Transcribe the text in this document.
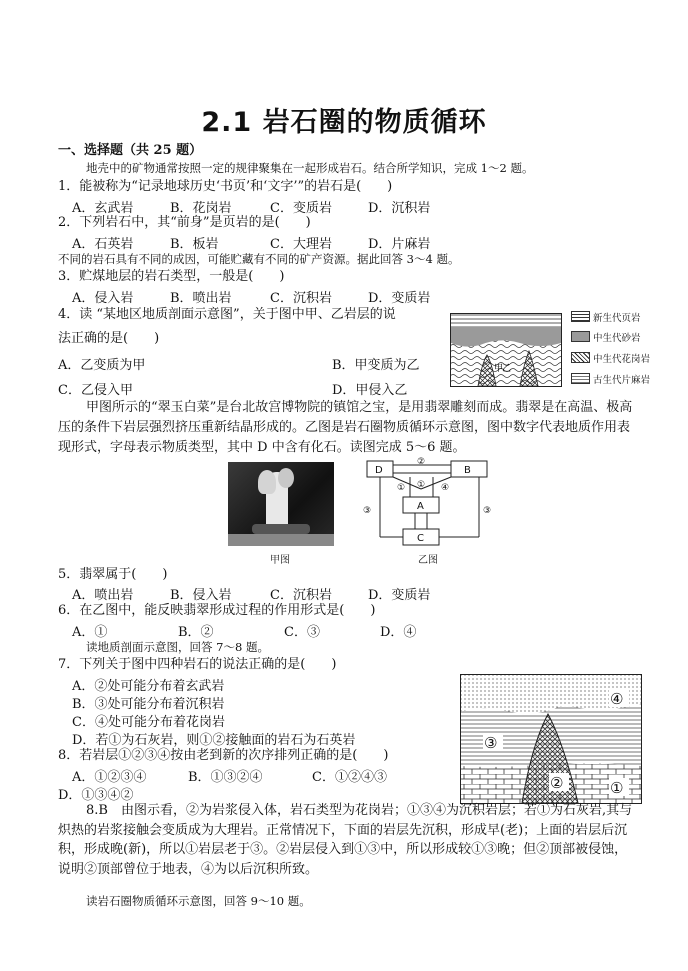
2.1 岩石圈的物质循环
一、选择题（共 25 题）
地壳中的矿物通常按照一定的规律聚集在一起形成岩石。结合所学知识，完成 1～2 题。
1．能被称为“记录地球历史‘书页’和‘文字’”的岩石是(　　)
A．玄武岩	B．花岗岩	C．变质岩	D．沉积岩
2．下列岩石中，其“前身”是页岩的是(　　)
A．石英岩	B．板岩	C．大理岩	D．片麻岩
不同的岩石具有不同的成因，可能贮藏有不同的矿产资源。据此回答 3～4 题。
3．贮煤地层的岩石类型，一般是(　　)
A．侵入岩	B．喷出岩	C．沉积岩	D．变质岩
4．读 “某地区地质剖面示意图”，关于图中甲、乙岩层的说
法正确的是(　　)
A．乙变质为甲	B．甲变质为乙
C．乙侵入甲	D．甲侵入乙
甲
乙
新生代页岩
中生代砂岩
中生代花岗岩
古生代片麻岩
甲图所示的“翠玉白菜”是台北故宫博物院的镇馆之宝，是用翡翠雕刻而成。翡翠是在高温、极高压的条件下岩层强烈挤压重新结晶形成的。乙图是岩石圈物质循环示意图，图中数字代表地质作用表现形式，字母表示物质类型，其中 D 中含有化石。读图完成 5～6 题。
甲图
D	B
A
C
②
① ① ④
③	③
乙图
5．翡翠属于(　　)
A．喷出岩	B．侵入岩	C．沉积岩	D．变质岩
6．在乙图中，能反映翡翠形成过程的作用形式是(　　)
A．①	B．②	C．③	D．④
读地质剖面示意图，回答 7～8 题。
7．下列关于图中四种岩石的说法正确的是(　　)
A．②处可能分布着玄武岩
B．③处可能分布着沉积岩
C．④处可能分布着花岗岩
D．若①为石灰岩，则①②接触面的岩石为石英岩
8．若岩层①②③④按由老到新的次序排列正确的是(　　)
A．①②③④	B．①③②④	C．①②④③
D．①③④②
④
③
②	①
8.B　由图示看，②为岩浆侵入体，岩石类型为花岗岩；①③④为沉积岩层；若①为石灰岩,其与炽热的岩浆接触会变质成为大理岩。正常情况下，下面的岩层先沉积，形成早(老)；上面的岩层后沉积，形成晚(新)，所以①岩层老于③。②岩层侵入到①③中，所以形成较①③晚；但②顶部被侵蚀，说明②顶部曾位于地表，④为以后沉积所致。
读岩石圈物质循环示意图，回答 9～10 题。
